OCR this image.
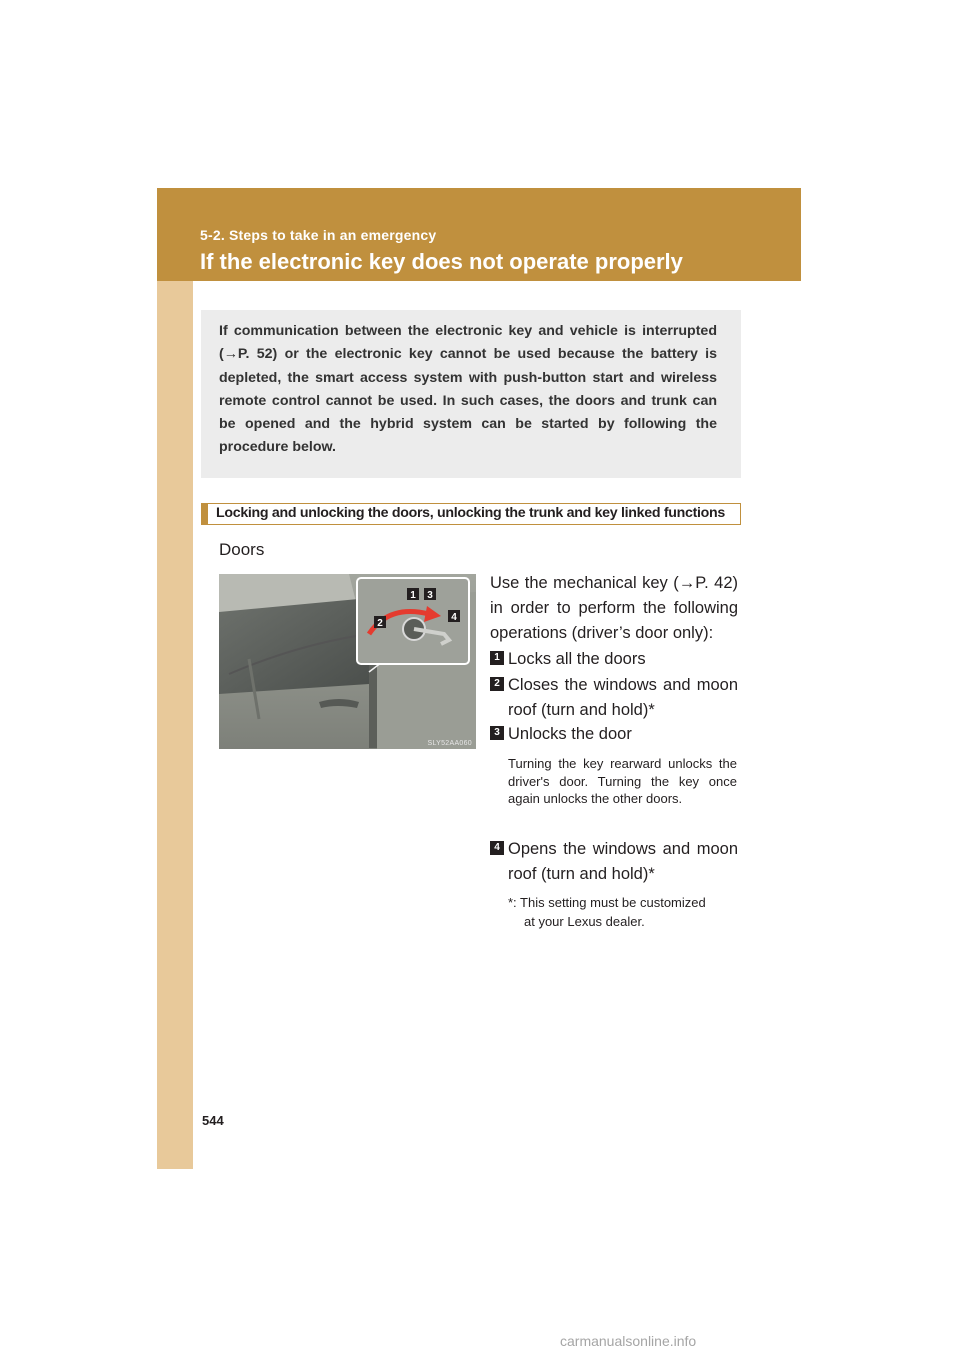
5-2. Steps to take in an emergency
If the electronic key does not operate properly
If communication between the electronic key and vehicle is interrupted (→P. 52) or the electronic key cannot be used because the battery is depleted, the smart access system with push-button start and wireless remote control cannot be used. In such cases, the doors and trunk can be opened and the hybrid system can be started by following the procedure below.
Locking and unlocking the doors, unlocking the trunk and key linked functions
Doors
1
2
3
4
SLY52AA060
Use the mechanical key (→P. 42) in order to perform the following operations (driver’s door only):
1 Locks all the doors
2 Closes the windows and moon roof (turn and hold)*
3 Unlocks the door
Turning the key rearward unlocks the driver's door. Turning the key once again unlocks the other doors.
4 Opens the windows and moon roof (turn and hold)*
*: This setting must be customized
at your Lexus dealer.
544
carmanualsonline.info
